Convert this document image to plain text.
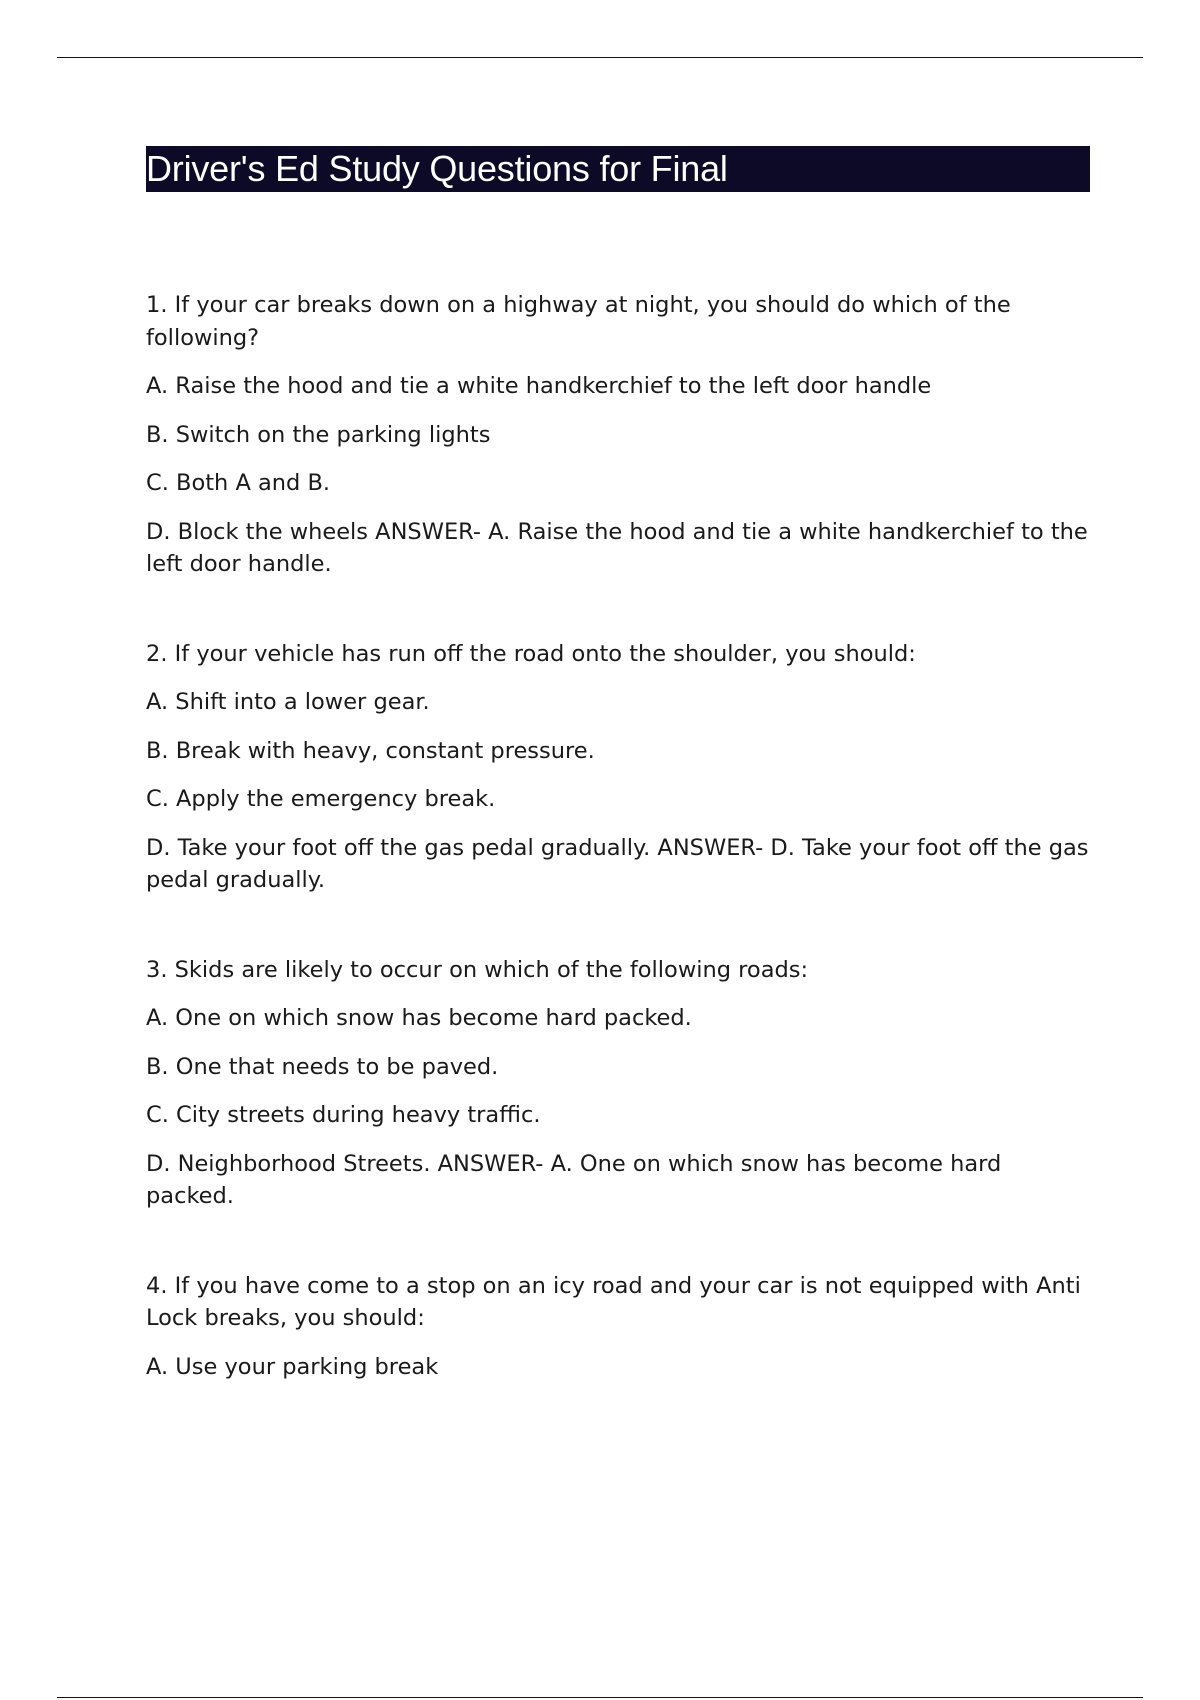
Driver's Ed Study Questions for Final

1. If your car breaks down on a highway at night, you should do which of the following?

A. Raise the hood and tie a white handkerchief to the left door handle

B. Switch on the parking lights

C. Both A and B.

D. Block the wheels ANSWER- A. Raise the hood and tie a white handkerchief to the left door handle.

2. If your vehicle has run off the road onto the shoulder, you should:

A. Shift into a lower gear.

B. Break with heavy, constant pressure.

C. Apply the emergency break.

D. Take your foot off the gas pedal gradually. ANSWER- D. Take your foot off the gas pedal gradually.

3. Skids are likely to occur on which of the following roads:

A. One on which snow has become hard packed.

B. One that needs to be paved.

C. City streets during heavy traffic.

D. Neighborhood Streets. ANSWER- A. One on which snow has become hard packed.

4. If you have come to a stop on an icy road and your car is not equipped with Anti Lock breaks, you should:

A. Use your parking break
